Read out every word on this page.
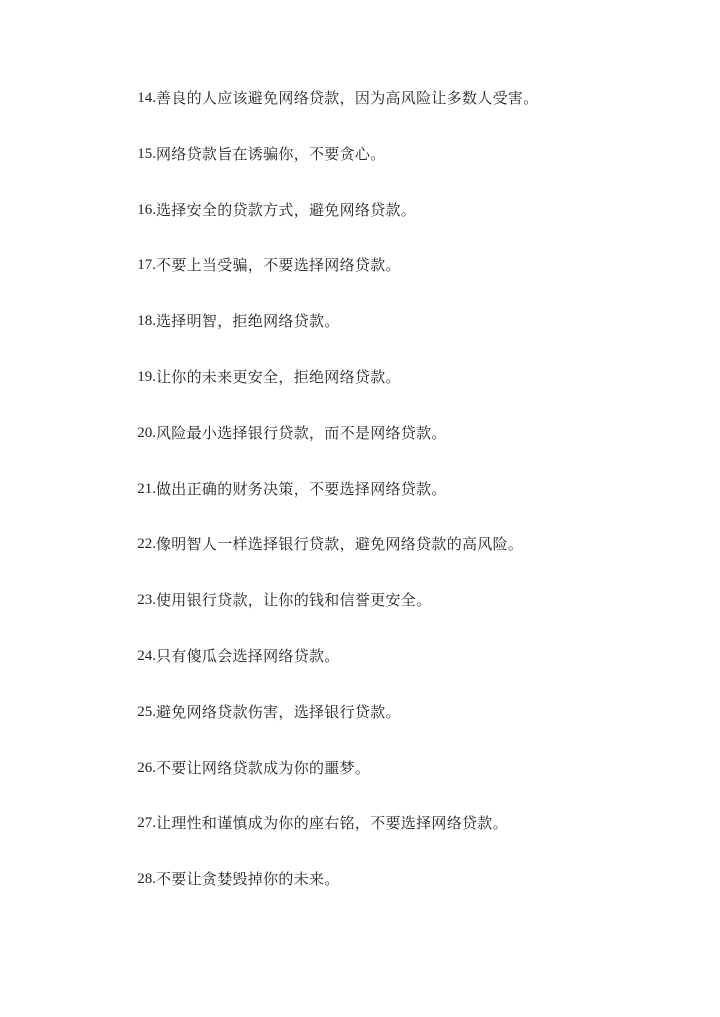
14. 善良的人应该避免网络贷款，因为高风险让多数人受害。
15. 网络贷款旨在诱骗你，不要贪心。
16. 选择安全的贷款方式，避免网络贷款。
17. 不要上当受骗，不要选择网络贷款。
18. 选择明智，拒绝网络贷款。
19. 让你的未来更安全，拒绝网络贷款。
20. 风险最小选择银行贷款，而不是网络贷款。
21. 做出正确的财务决策，不要选择网络贷款。
22. 像明智人一样选择银行贷款，避免网络贷款的高风险。
23. 使用银行贷款，让你的钱和信誉更安全。
24. 只有傻瓜会选择网络贷款。
25. 避免网络贷款伤害，选择银行贷款。
26. 不要让网络贷款成为你的噩梦。
27. 让理性和谨慎成为你的座右铭，不要选择网络贷款。
28. 不要让贪婪毁掉你的未来。
